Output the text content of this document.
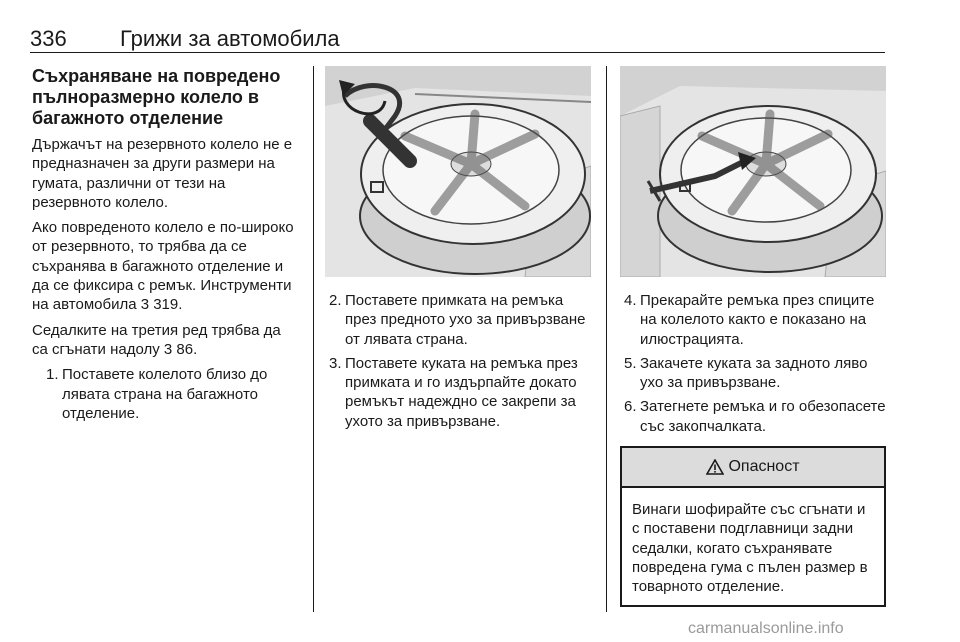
336 Грижи за автомобила
Съхраняване на повредено пълноразмерно колело в багажното отделение

Държачът на резервното колело не е предназначен за други размери на гумата, различни от тези на резервното колело.

Ако повреденото колело е по-широко от резервното, то трябва да се съхранява в багажното отделение и да се фиксира с ремък. Инструменти на автомобила 3 319.

Седалките на третия ред трябва да са сгънати надолу 3 86.

1. Поставете колелото близо до лявата страна на багажното отделение.
2. Поставете примката на ремъка през предното ухо за привързване от лявата страна.
3. Поставете куката на ремъка през примката и го издърпайте докато ремъкът надеждно се закрепи за ухото за привързване.
4. Прекарайте ремъка през спиците на колелото както е показано на илюстрацията.
5. Закачете куката за задното ляво ухо за привързване.
6. Затегнете ремъка и го обезопасете със закопчалката.
Опасност
Винаги шофирайте със сгънати и с поставени подглавници задни седалки, когато съхранявате повредена гума с пълен размер в товарното отделение.
carmanualsonline.info
